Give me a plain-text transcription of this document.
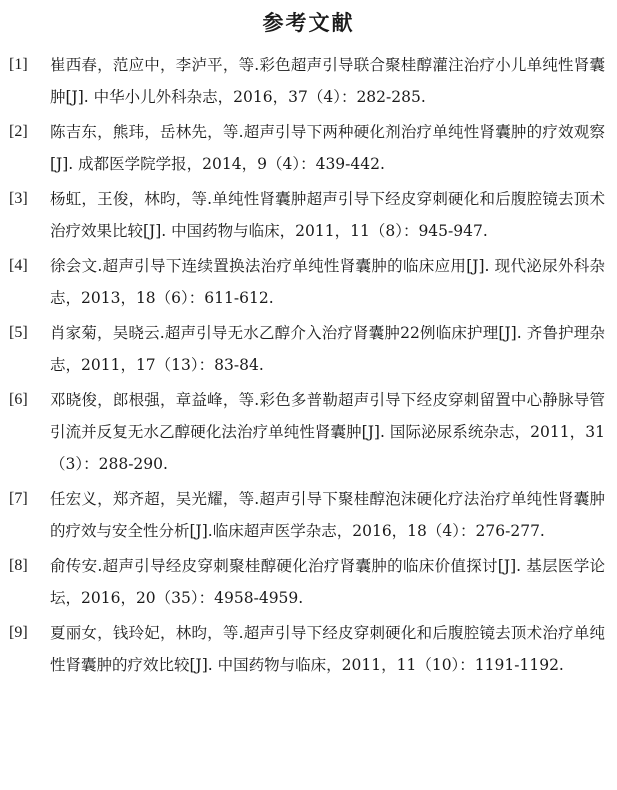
参考文献
[1] 崔西春，范应中，李泸平，等.彩色超声引导联合聚桂醇灌注治疗小儿单纯性肾囊肿[J]. 中华小儿外科杂志，2016，37（4）：282-285.
[2] 陈吉东，熊玮，岳林先，等.超声引导下两种硬化剂治疗单纯性肾囊肿的疗效观察[J]. 成都医学院学报，2014，9（4）：439-442.
[3] 杨虹，王俊，林昀，等.单纯性肾囊肿超声引导下经皮穿刺硬化和后腹腔镜去顶术治疗效果比较[J]. 中国药物与临床，2011，11（8）：945-947.
[4] 徐会文.超声引导下连续置换法治疗单纯性肾囊肿的临床应用[J]. 现代泌尿外科杂志，2013，18（6）：611-612.
[5] 肖家菊，吴晓云.超声引导无水乙醇介入治疗肾囊肿22例临床护理[J]. 齐鲁护理杂志，2011，17（13）：83-84.
[6] 邓晓俊，郎根强，章益峰，等.彩色多普勒超声引导下经皮穿刺留置中心静脉导管引流并反复无水乙醇硬化法治疗单纯性肾囊肿[J]. 国际泌尿系统杂志，2011，31（3）：288-290.
[7] 任宏义，郑齐超，吴光耀，等.超声引导下聚桂醇泡沫硬化疗法治疗单纯性肾囊肿的疗效与安全性分析[J].临床超声医学杂志，2016，18（4）：276-277.
[8] 俞传安.超声引导经皮穿刺聚桂醇硬化治疗肾囊肿的临床价值探讨[J]. 基层医学论坛，2016，20（35）：4958-4959.
[9] 夏丽女，钱玲妃，林昀，等.超声引导下经皮穿刺硬化和后腹腔镜去顶术治疗单纯性肾囊肿的疗效比较[J]. 中国药物与临床，2011，11（10）：1191-1192.
